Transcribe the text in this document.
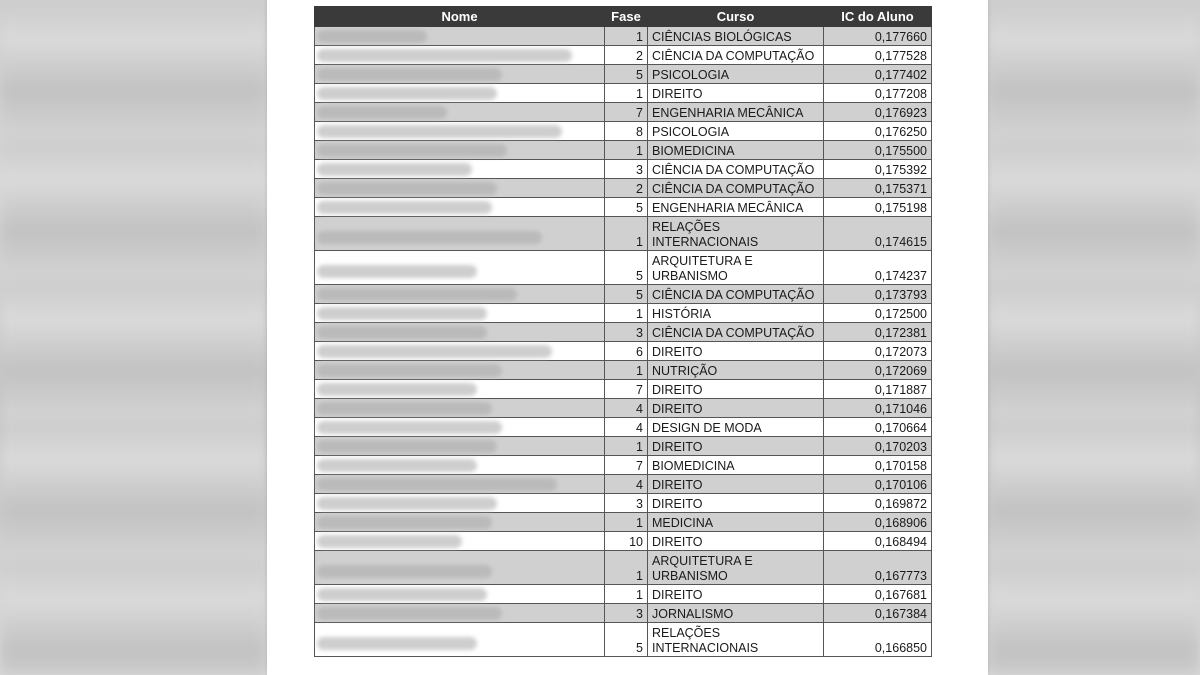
Nome	Fase	Curso	IC do Aluno

	1	CIÊNCIAS BIOLÓGICAS	0,177660

	2	CIÊNCIA DA COMPUTAÇÃO	0,177528

	5	PSICOLOGIA	0,177402

	1	DIREITO	0,177208

	7	ENGENHARIA MECÂNICA	0,176923

	8	PSICOLOGIA	0,176250

	1	BIOMEDICINA	0,175500

	3	CIÊNCIA DA COMPUTAÇÃO	0,175392

	2	CIÊNCIA DA COMPUTAÇÃO	0,175371

	5	ENGENHARIA MECÂNICA	0,175198

	1	RELAÇÕES
INTERNACIONAIS	0,174615

	5	ARQUITETURA E
URBANISMO	0,174237

	5	CIÊNCIA DA COMPUTAÇÃO	0,173793

	1	HISTÓRIA	0,172500

	3	CIÊNCIA DA COMPUTAÇÃO	0,172381

	6	DIREITO	0,172073

	1	NUTRIÇÃO	0,172069

	7	DIREITO	0,171887

	4	DIREITO	0,171046

	4	DESIGN DE MODA	0,170664

	1	DIREITO	0,170203

	7	BIOMEDICINA	0,170158

	4	DIREITO	0,170106

	3	DIREITO	0,169872

	1	MEDICINA	0,168906

	10	DIREITO	0,168494

	1	ARQUITETURA E
URBANISMO	0,167773

	1	DIREITO	0,167681

	3	JORNALISMO	0,167384

	5	RELAÇÕES
INTERNACIONAIS	0,166850
